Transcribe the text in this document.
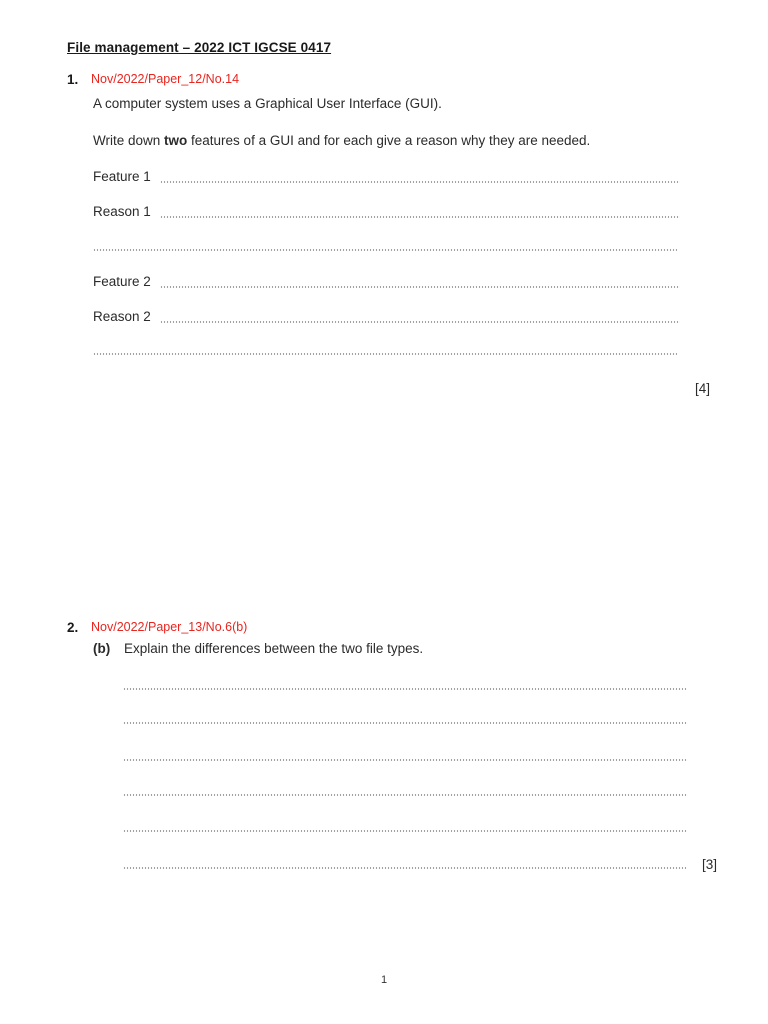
File management – 2022 ICT IGCSE 0417
1. Nov/2022/Paper_12/No.14
A computer system uses a Graphical User Interface (GUI).
Write down two features of a GUI and for each give a reason why they are needed.
Feature 1
Reason 1
Feature 2
Reason 2
[4]
2. Nov/2022/Paper_13/No.6(b)
(b) Explain the differences between the two file types.
[3]
1
